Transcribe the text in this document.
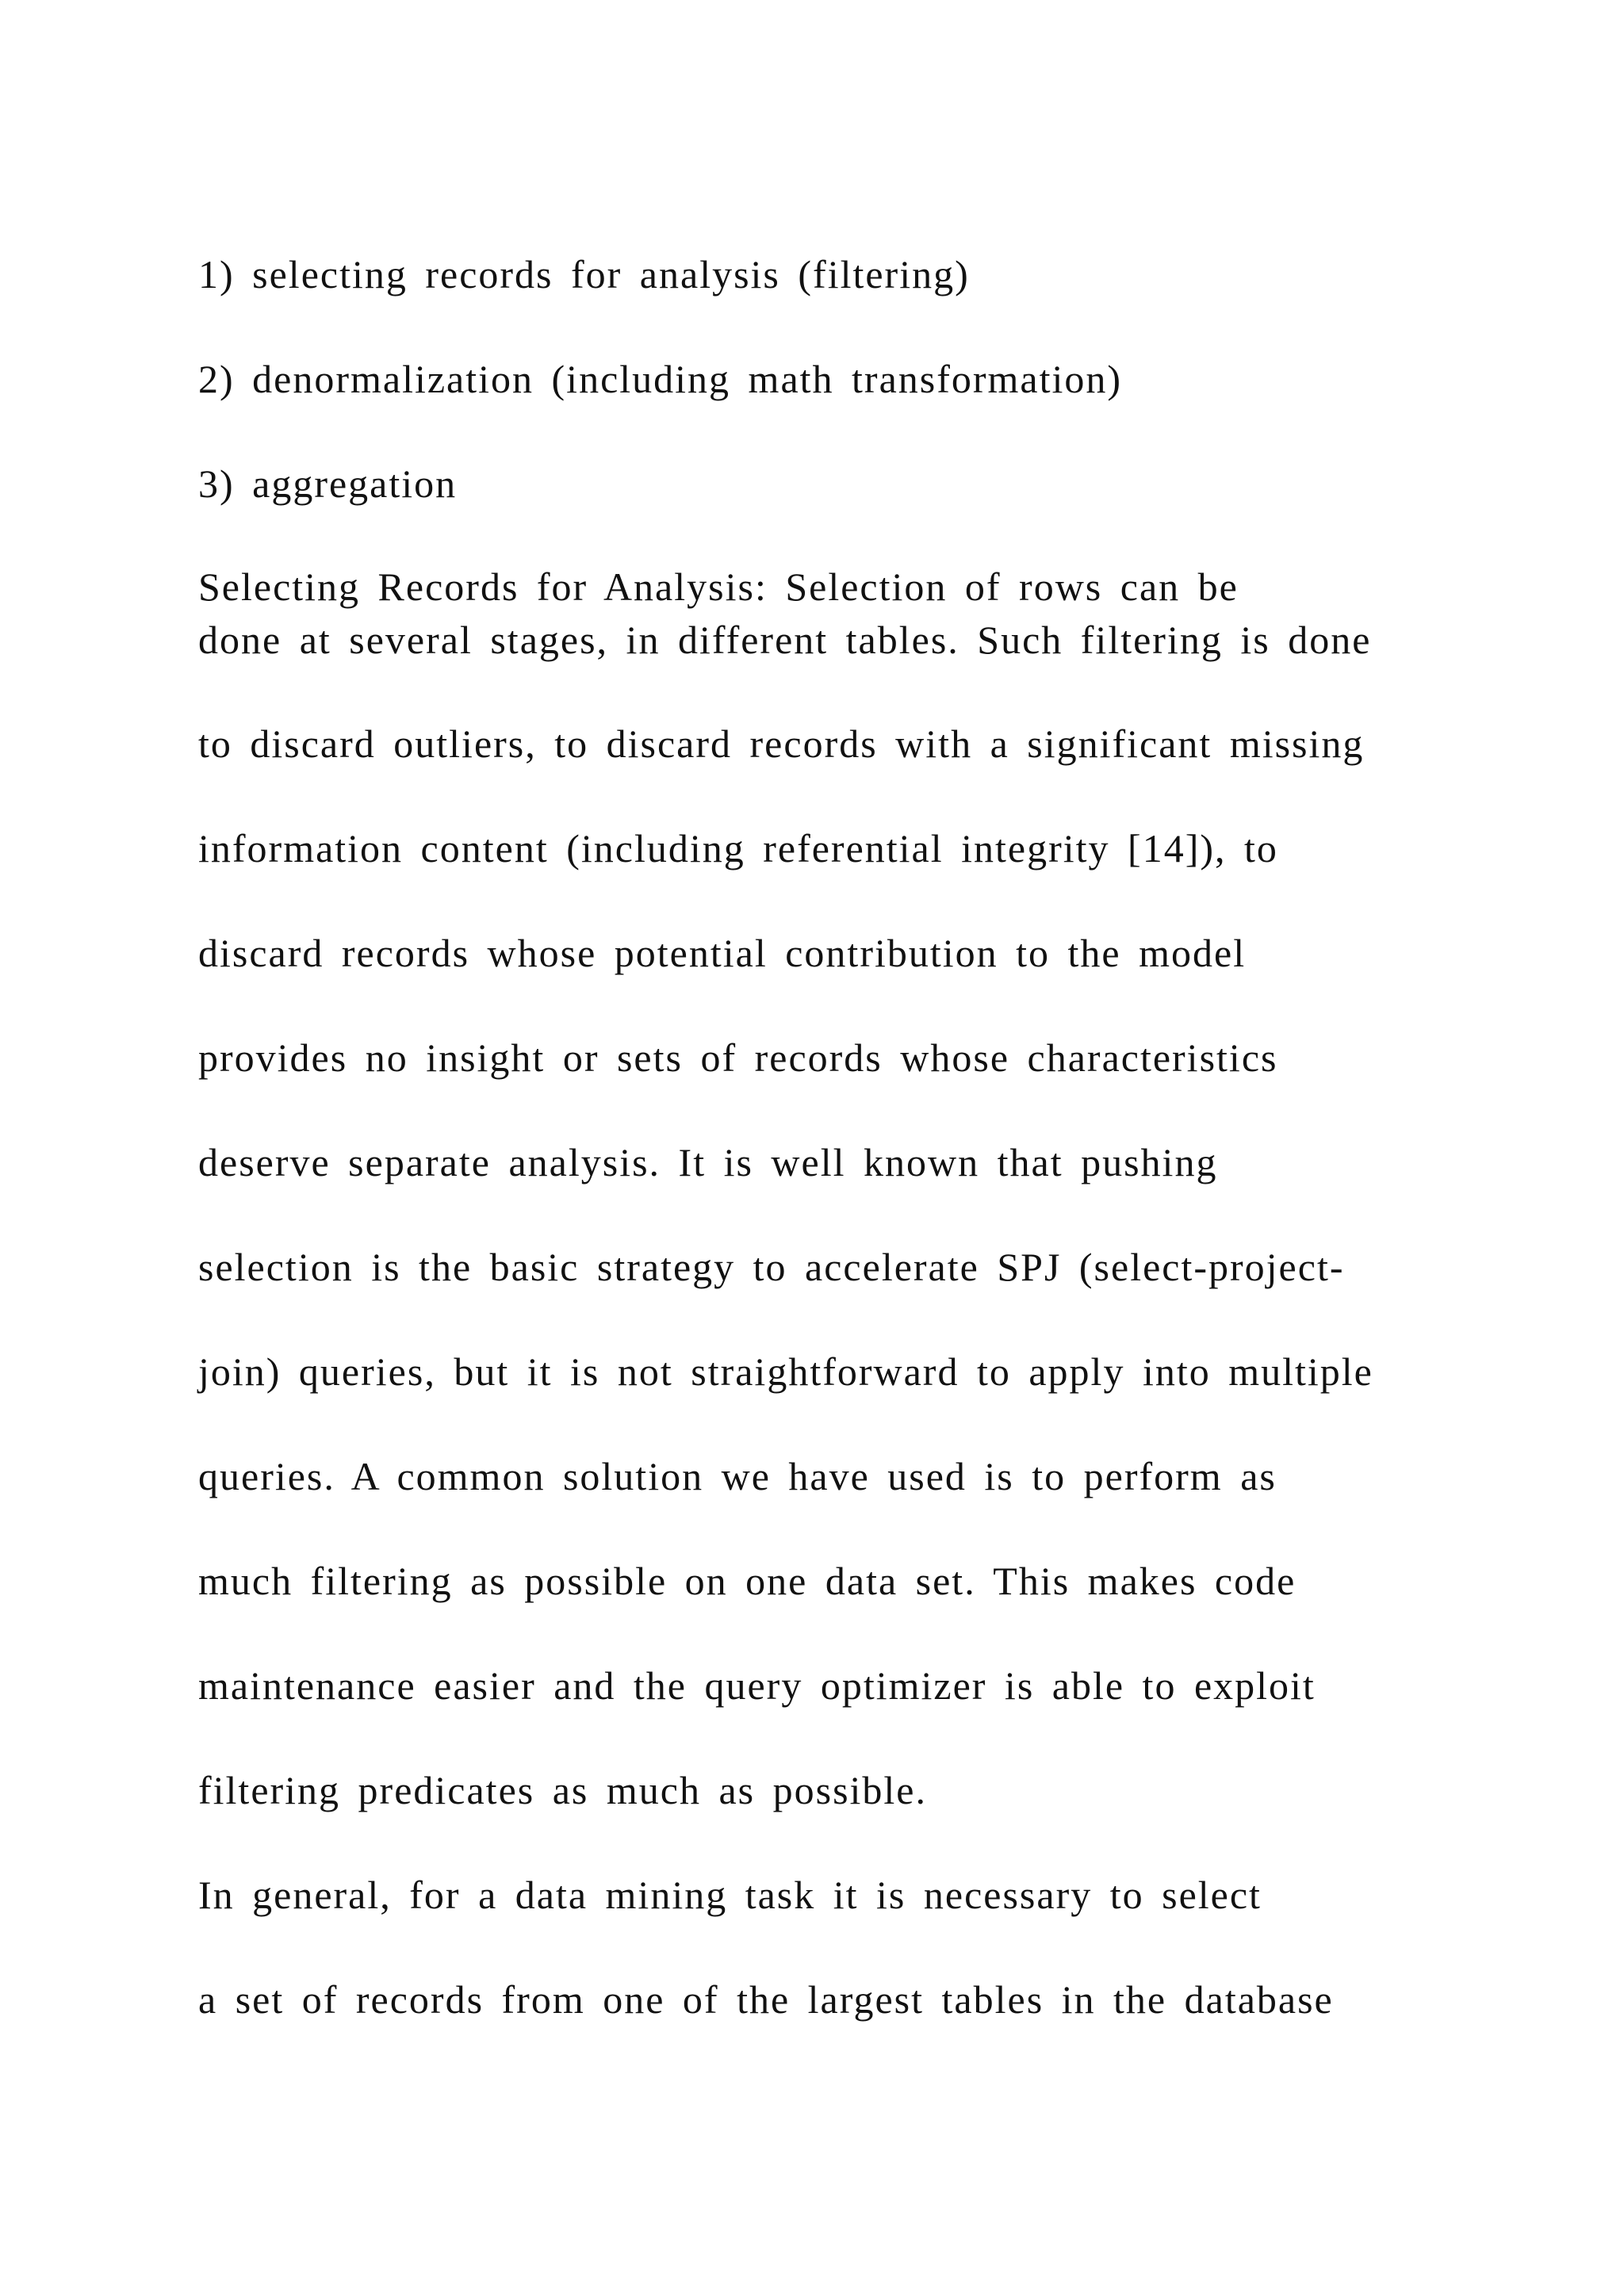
1) selecting records for analysis (filtering)
2) denormalization (including math transformation)
3) aggregation
Selecting Records for Analysis: Selection of rows can be
done at several stages, in different tables. Such filtering is done
to discard outliers, to discard records with a significant missing
information content (including referential integrity [14]), to
discard records whose potential contribution to the model
provides no insight or sets of records whose characteristics
deserve separate analysis. It is well known that pushing
selection is the basic strategy to accelerate SPJ (select-project-
join) queries, but it is not straightforward to apply into multiple
queries. A common solution we have used is to perform as
much filtering as possible on one data set. This makes code
maintenance easier and the query optimizer is able to exploit
filtering predicates as much as possible.
In general, for a data mining task it is necessary to select
a set of records from one of the largest tables in the database
